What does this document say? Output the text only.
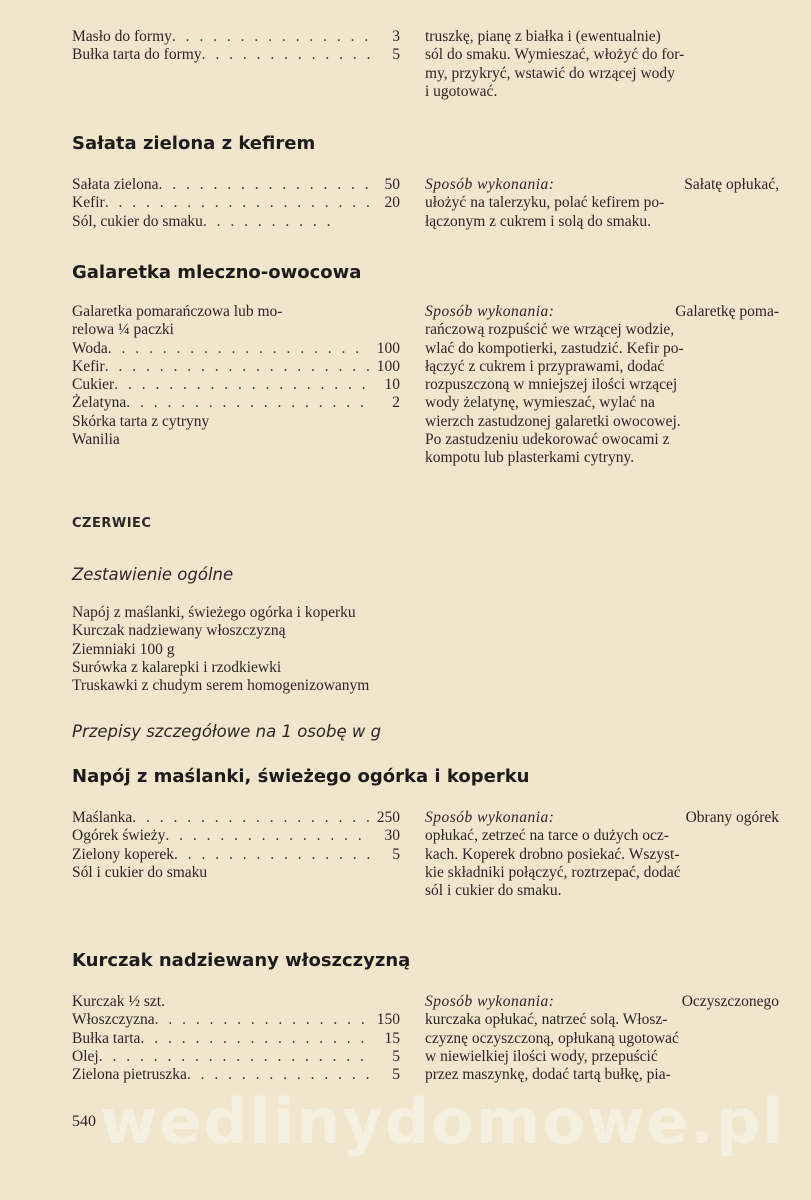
Masło do formy . . .	3
Bułka tarta do formy . . .	5
truszkę, pianę z białka i (ewentualnie)
sól do smaku. Wymieszać, włożyć do for-
my, przykryć, wstawić do wrzącej wody
i ugotować.
Sałata zielona z kefirem
Sałata zielona . . .	50
Kefir . . .	20
Sól, cukier do smaku
. . .
Sposób wykonania:	Sałatę opłukać,
ułożyć na talerzyku, polać kefirem po-
łączonym z cukrem i solą do smaku.
Galaretka mleczno-owocowa
Galaretka pomarańczowa lub mo-
relowa ¼ paczki
Woda . . .	100
Kefir . . .	100
Cukier . . .	10
Żelatyna . . .	2
Skórka tarta z cytryny
Wanilia
Sposób wykonania:	Galaretkę poma-
rańczową rozpuścić we wrzącej wodzie,
wlać do kompotierki, zastudzić. Kefir po-
łączyć z cukrem i przyprawami, dodać
rozpuszczoną w mniejszej ilości wrzącej
wody żelatynę, wymieszać, wylać na
wierzch zastudzonej galaretki owocowej.
Po zastudzeniu udekorować owocami z
kompotu lub plasterkami cytryny.
CZERWIEC
Zestawienie ogólne
Napój z maślanki, świeżego ogórka i koperku
Kurczak nadziewany włoszczyzną
Ziemniaki 100 g
Surówka z kalarepki i rzodkiewki
Truskawki z chudym serem homogenizowanym
Przepisy szczegółowe na 1 osobę w g
Napój z maślanki, świeżego ogórka i koperku
Maślanka . . .	250
Ogórek świeży . . .	30
Zielony koperek . . .	5
Sól i cukier do smaku
Sposób wykonania:	Obrany ogórek
opłukać, zetrzeć na tarce o dużych ocz-
kach. Koperek drobno posiekać. Wszyst-
kie składniki połączyć, roztrzepać, dodać
sól i cukier do smaku.
Kurczak nadziewany włoszczyzną
Kurczak ½ szt.
Włoszczyzna . . .	150
Bułka tarta . . .	15
Olej . . .	5
Zielona pietruszka . . .	5
Sposób wykonania:	Oczyszczonego
kurczaka opłukać, natrzeć solą. Włosz-
czyznę oczyszczoną, opłukaną ugotować
w niewielkiej ilości wody, przepuścić
przez maszynkę, dodać tartą bułkę, pia-
wedlinydomowe.pl
540
